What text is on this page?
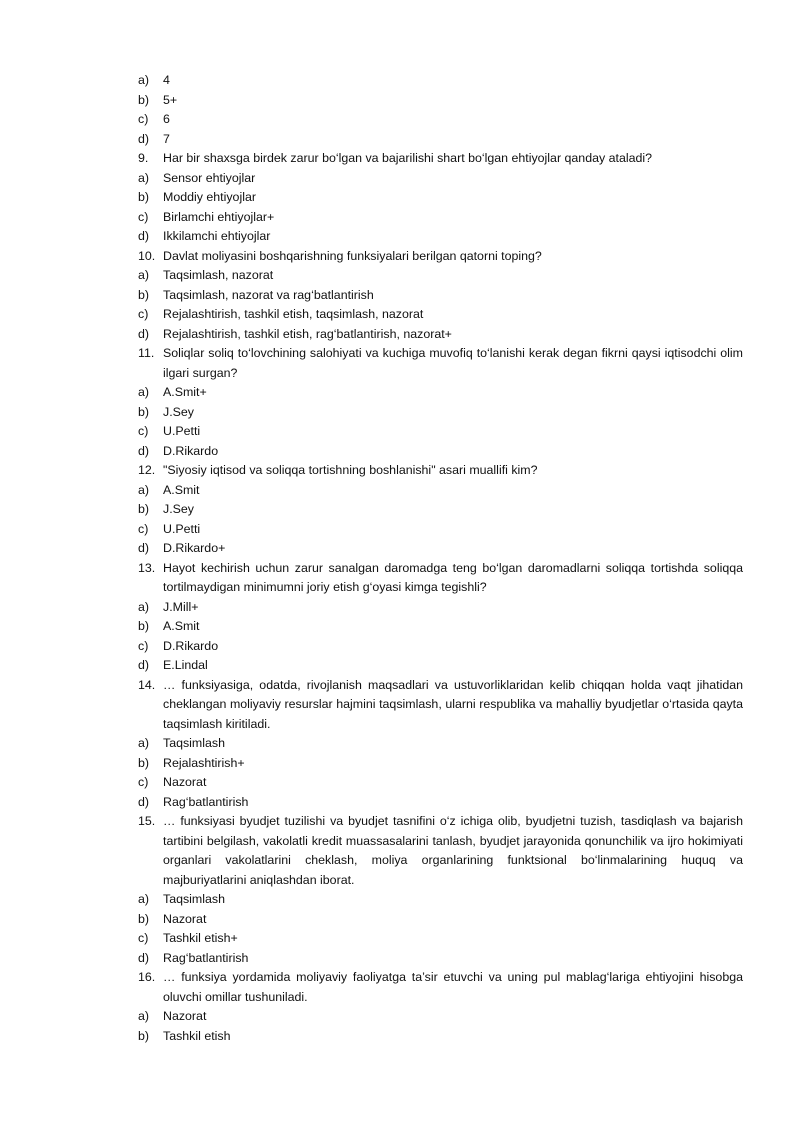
a)	4
b)	5+
c)	6
d)	7
9.	Har bir shaxsga birdek zarur bo‘lgan va bajarilishi shart bo‘lgan ehtiyojlar qanday ataladi?
a)	Sensor ehtiyojlar
b)	Moddiy ehtiyojlar
c)	Birlamchi ehtiyojlar+
d)	Ikkilamchi ehtiyojlar
10. Davlat moliyasini boshqarishning funksiyalari berilgan qatorni toping?
a)	Taqsimlash, nazorat
b)	Taqsimlash, nazorat va rag‘batlantirish
c)	Rejalashtirish, tashkil etish, taqsimlash, nazorat
d)	Rejalashtirish, tashkil etish, rag‘batlantirish, nazorat+
11. Soliqlar soliq to‘lovchining salohiyati va kuchiga muvofiq to‘lanishi kerak degan fikrni qaysi iqtisodchi olim ilgari surgan?
a)	A.Smit+
b)	J.Sey
c)	U.Petti
d)	D.Rikardo
12. "Siyosiy iqtisod va soliqqa tortishning boshlanishi" asari muallifi kim?
a)	A.Smit
b)	J.Sey
c)	U.Petti
d)	D.Rikardo+
13. Hayot kechirish uchun zarur sanalgan daromadga teng bo‘lgan daromadlarni soliqqa tortishda soliqqa tortilmaydigan minimumni joriy etish g‘oyasi kimga tegishli?
a)	J.Mill+
b)	A.Smit
c)	D.Rikardo
d)	E.Lindal
14. … funksiyasiga, odatda, rivojlanish maqsadlari va ustuvorliklaridan kelib chiqqan holda vaqt jihatidan cheklangan moliyaviy resurslar hajmini taqsimlash, ularni respublika va mahalliy byudjetlar o‘rtasida qayta taqsimlash kiritiladi.
a)	Taqsimlash
b)	Rejalashtirish+
c)	Nazorat
d)	Rag‘batlantirish
15. … funksiyasi byudjet tuzilishi va byudjet tasnifini o‘z ichiga olib, byudjetni tuzish, tasdiqlash va bajarish tartibini belgilash, vakolatli kredit muassasalarini tanlash, byudjet jarayonida qonunchilik va ijro hokimiyati organlari vakolatlarini cheklash, moliya organlarining funktsional bo‘linmalarining huquq va majburiyatlarini aniqlashdan iborat.
a)	Taqsimlash
b)	Nazorat
c)	Tashkil etish+
d)	Rag‘batlantirish
16. … funksiya yordamida moliyaviy faoliyatga ta’sir etuvchi va uning pul mablag‘lariga ehtiyojini hisobga oluvchi omillar tushuniladi.
a)	Nazorat
b)	Tashkil etish
